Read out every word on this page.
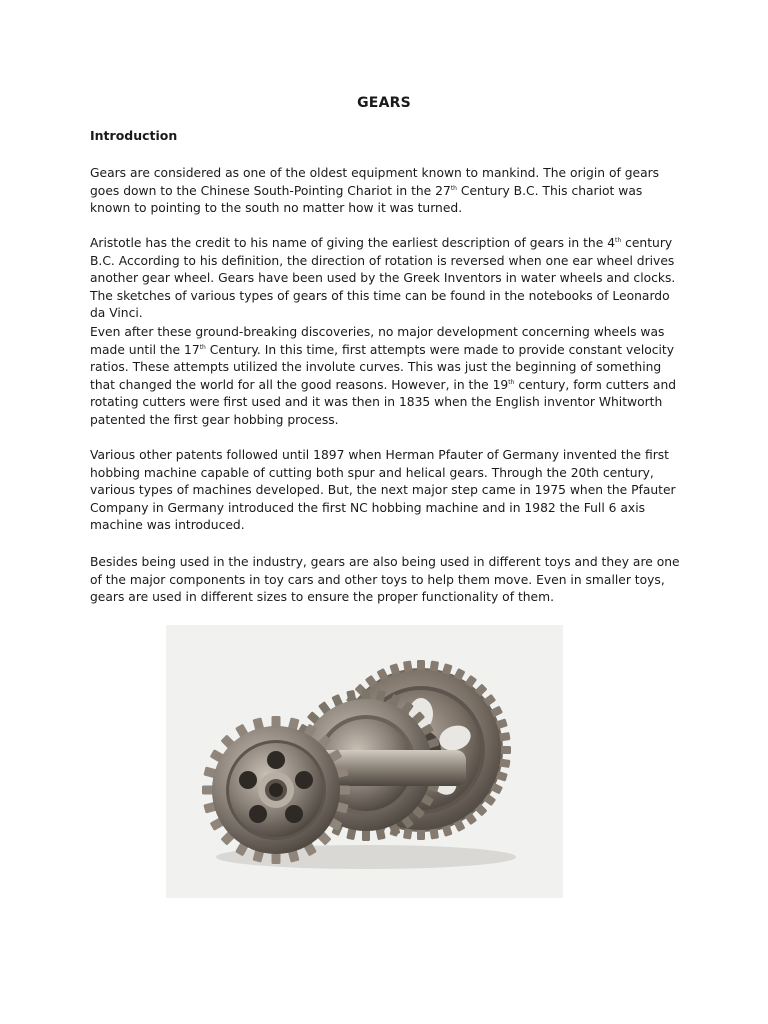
GEARS
Introduction

Gears are considered as one of the oldest equipment known to mankind. The origin of gears goes down to the Chinese South-Pointing Chariot in the 27th Century B.C. This chariot was known to pointing to the south no matter how it was turned.

Aristotle has the credit to his name of giving the earliest description of gears in the 4th century B.C. According to his definition, the direction of rotation is reversed when one ear wheel drives another gear wheel. Gears have been used by the Greek Inventors in water wheels and clocks. The sketches of various types of gears of this time can be found in the notebooks of Leonardo da Vinci.

Even after these ground-breaking discoveries, no major development concerning wheels was made until the 17th Century. In this time, first attempts were made to provide constant velocity ratios. These attempts utilized the involute curves. This was just the beginning of something that changed the world for all the good reasons. However, in the 19th century, form cutters and rotating cutters were first used and it was then in 1835 when the English inventor Whitworth patented the first gear hobbing process.

Various other patents followed until 1897 when Herman Pfauter of Germany invented the first hobbing machine capable of cutting both spur and helical gears. Through the 20th century, various types of machines developed. But, the next major step came in 1975 when the Pfauter Company in Germany introduced the first NC hobbing machine and in 1982 the Full 6 axis machine was introduced.

Besides being used in the industry, gears are also being used in different toys and they are one of the major components in toy cars and other toys to help them move. Even in smaller toys, gears are used in different sizes to ensure the proper functionality of them.
